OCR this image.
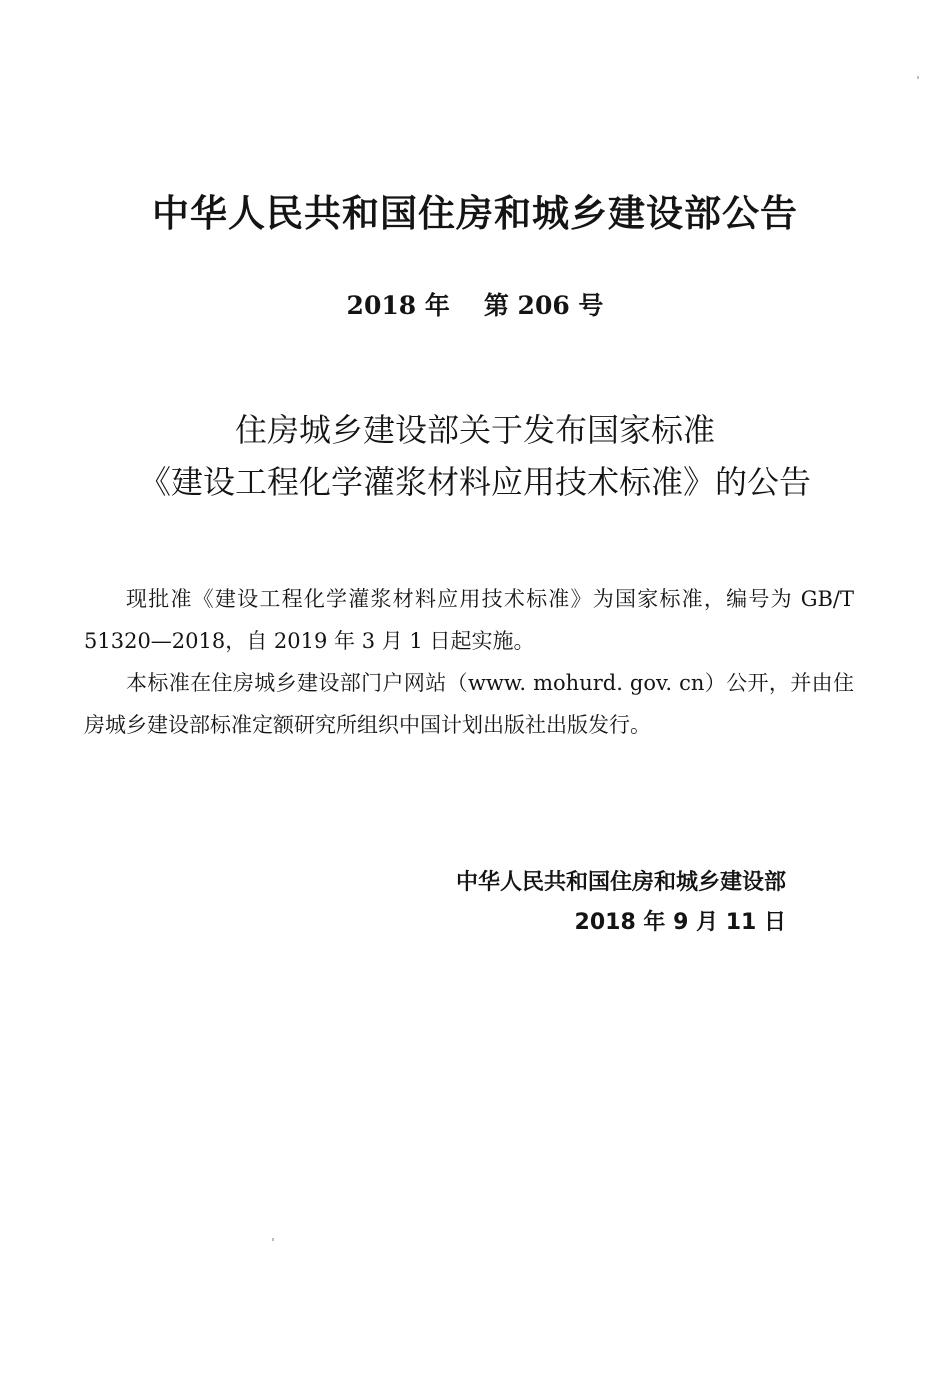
中华人民共和国住房和城乡建设部公告
2018 年 第 206 号
住房城乡建设部关于发布国家标准
《建设工程化学灌浆材料应用技术标准》的公告

现批准《建设工程化学灌浆材料应用技术标准》为国家标准，编号为 GB/T 51320—2018，自 2019 年 3 月 1 日起实施。

本标准在住房城乡建设部门户网站（www. mohurd. gov. cn）公开，并由住房城乡建设部标准定额研究所组织中国计划出版社出版发行。

中华人民共和国住房和城乡建设部
2018 年 9 月 11 日
